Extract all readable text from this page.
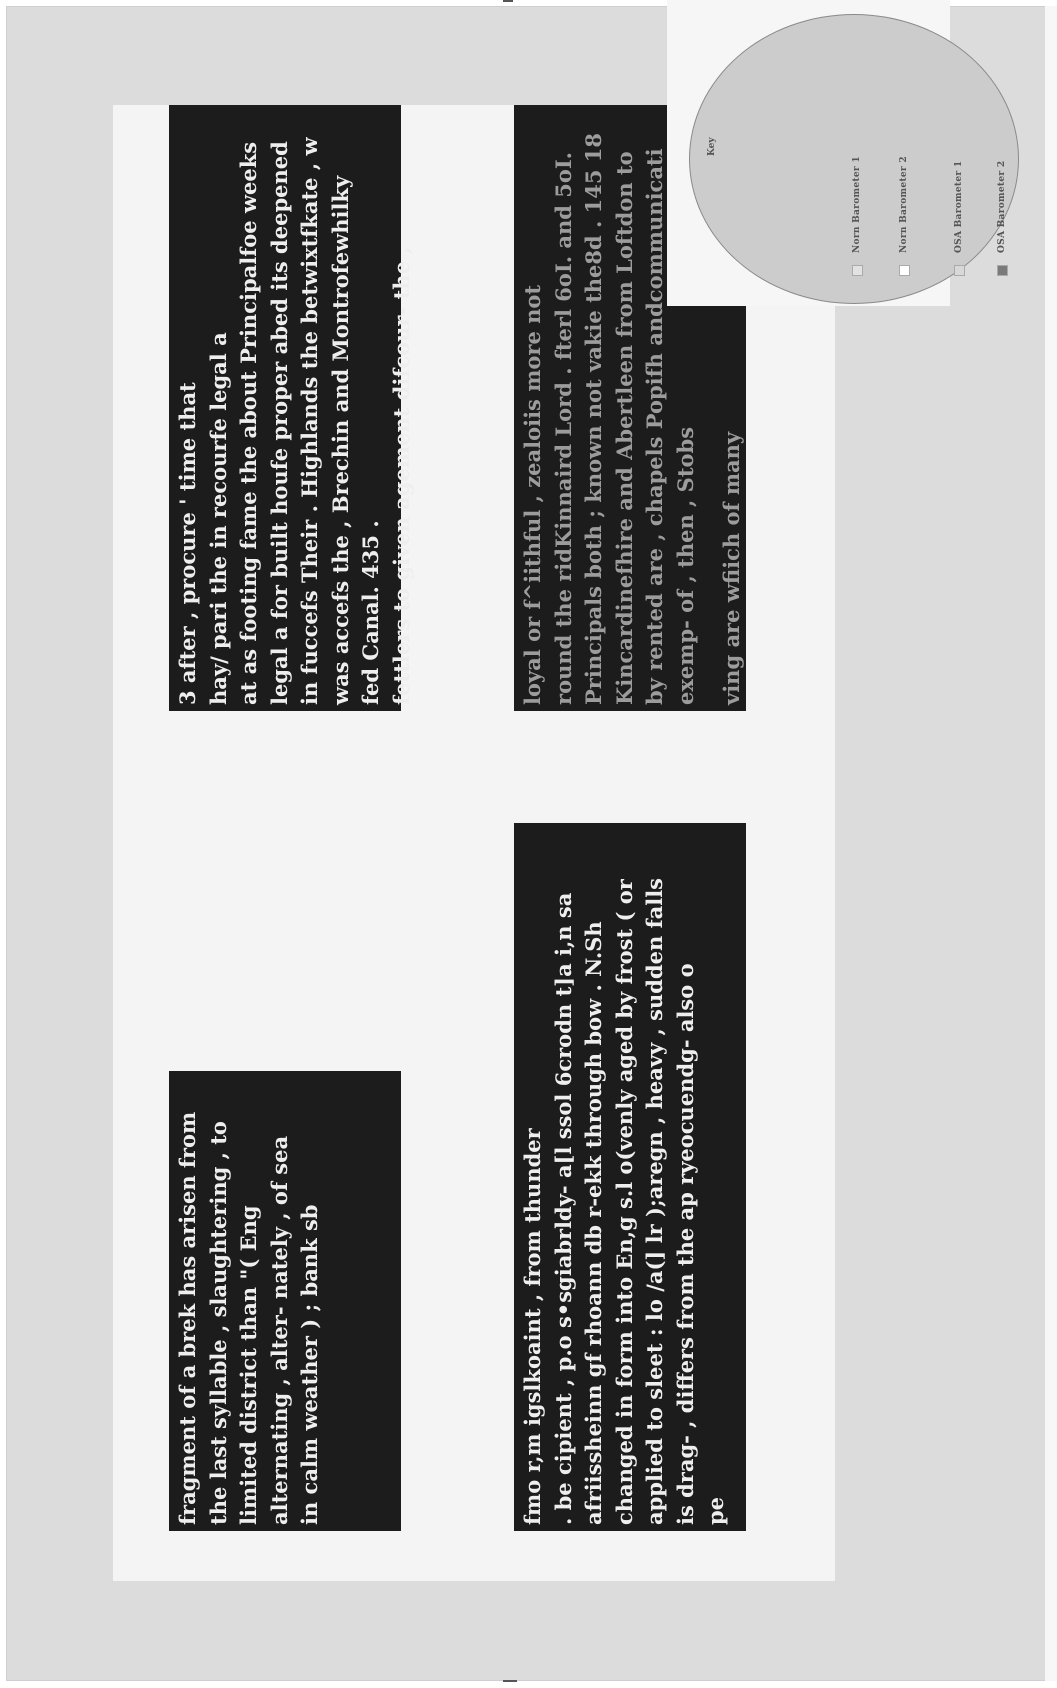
3 after , procure ' time that hay/ pari the in recourfe legal a at as footing fame the about Principalfoe weeks legal a for built houfe proper abed its deepened in fuccefs Their . Highlands the betwixtfkate , w was accefs the , Brechin and Montrofewhilky fed Canal. 435 . fettlers to given agement difcour- the ,
fragment of a brek has arisen from the last syllable , slaughtering , to limited district than "( Eng alternating , alter- nately , of sea in calm weather ) ; bank sb
loyal or f^iithful , zealoiis more not round the ridKinnaird Lord . fterl 6oI. and 5oI. Principals both ; known not vakie the8d . 145 18 Kincardinefhire and Abertleen from Loftdon to by rented are , chapels Popifh andcommunicati exemp- of , then , Stobs ving are wfiich of many
fmo r,m igslkoaint , from thunder . be cipient , p.o s•sgiabrldy- a[l ssol 6crodn t]a i,n sa afriissheinn gf rhoann db r-ekk through bow . N.Sh changed in form into En,g s.l o(venly aged by frost ( or applied to sleet : lo /a(] lr );aregn , heavy , sudden falls is drag- , differs from the ap ryeocuendg- also o pe
Key
Norn Barometer 1	Norn Barometer 2	OSA Barometer 1	OSA Barometer 2
